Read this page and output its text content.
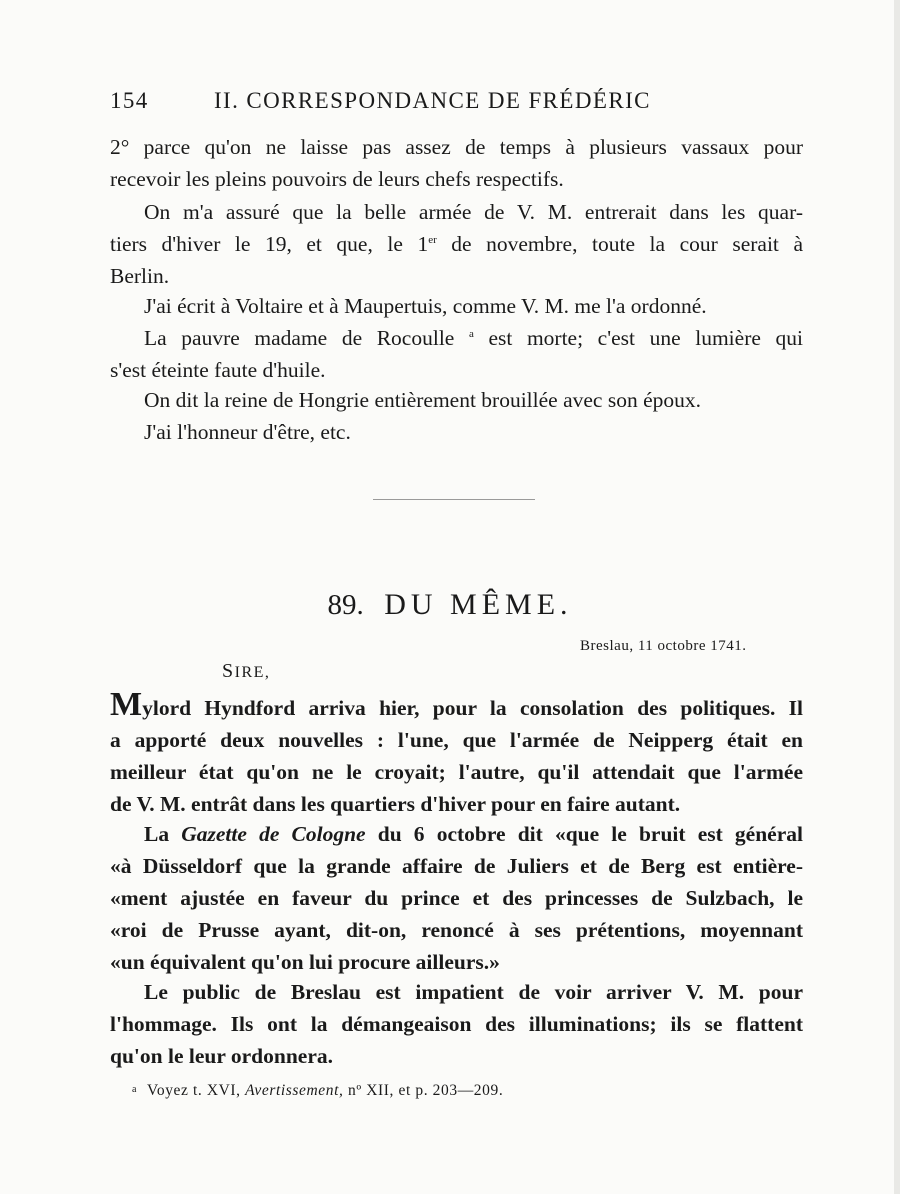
154	II. CORRESPONDANCE DE FRÉDÉRIC

2° parce qu'on ne laisse pas assez de temps à plusieurs vassaux pour
recevoir les pleins pouvoirs de leurs chefs respectifs.

On m'a assuré que la belle armée de V. M. entrerait dans les quar-
tiers d'hiver le 19, et que, le 1er de novembre, toute la cour serait à
Berlin.

J'ai écrit à Voltaire et à Maupertuis, comme V. M. me l'a ordonné.

La pauvre madame de Rocoulle $^a$ est morte; c'est une lumière qui
s'est éteinte faute d'huile.

On dit la reine de Hongrie entièrement brouillée avec son époux.

J'ai l'honneur d'être, etc.

89. DU MÊME.
Breslau, 11 octobre 1741.
SIRE,

Mylord Hyndford arriva hier, pour la consolation des politiques. Il
a apporté deux nouvelles : l'une, que l'armée de Neipperg était en
meilleur état qu'on ne le croyait; l'autre, qu'il attendait que l'armée
de V. M. entrât dans les quartiers d'hiver pour en faire autant.

La Gazette de Cologne du 6 octobre dit «que le bruit est général
«à Düsseldorf que la grande affaire de Juliers et de Berg est entière-
«ment ajustée en faveur du prince et des princesses de Sulzbach, le
«roi de Prusse ayant, dit-on, renoncé à ses prétentions, moyennant
«un équivalent qu'on lui procure ailleurs.»

Le public de Breslau est impatient de voir arriver V. M. pour
l'hommage. Ils ont la démangeaison des illuminations; ils se flattent
qu'on le leur ordonnera.

a Voyez t. XVI, Avertissement, nº XII, et p. 203—209.
